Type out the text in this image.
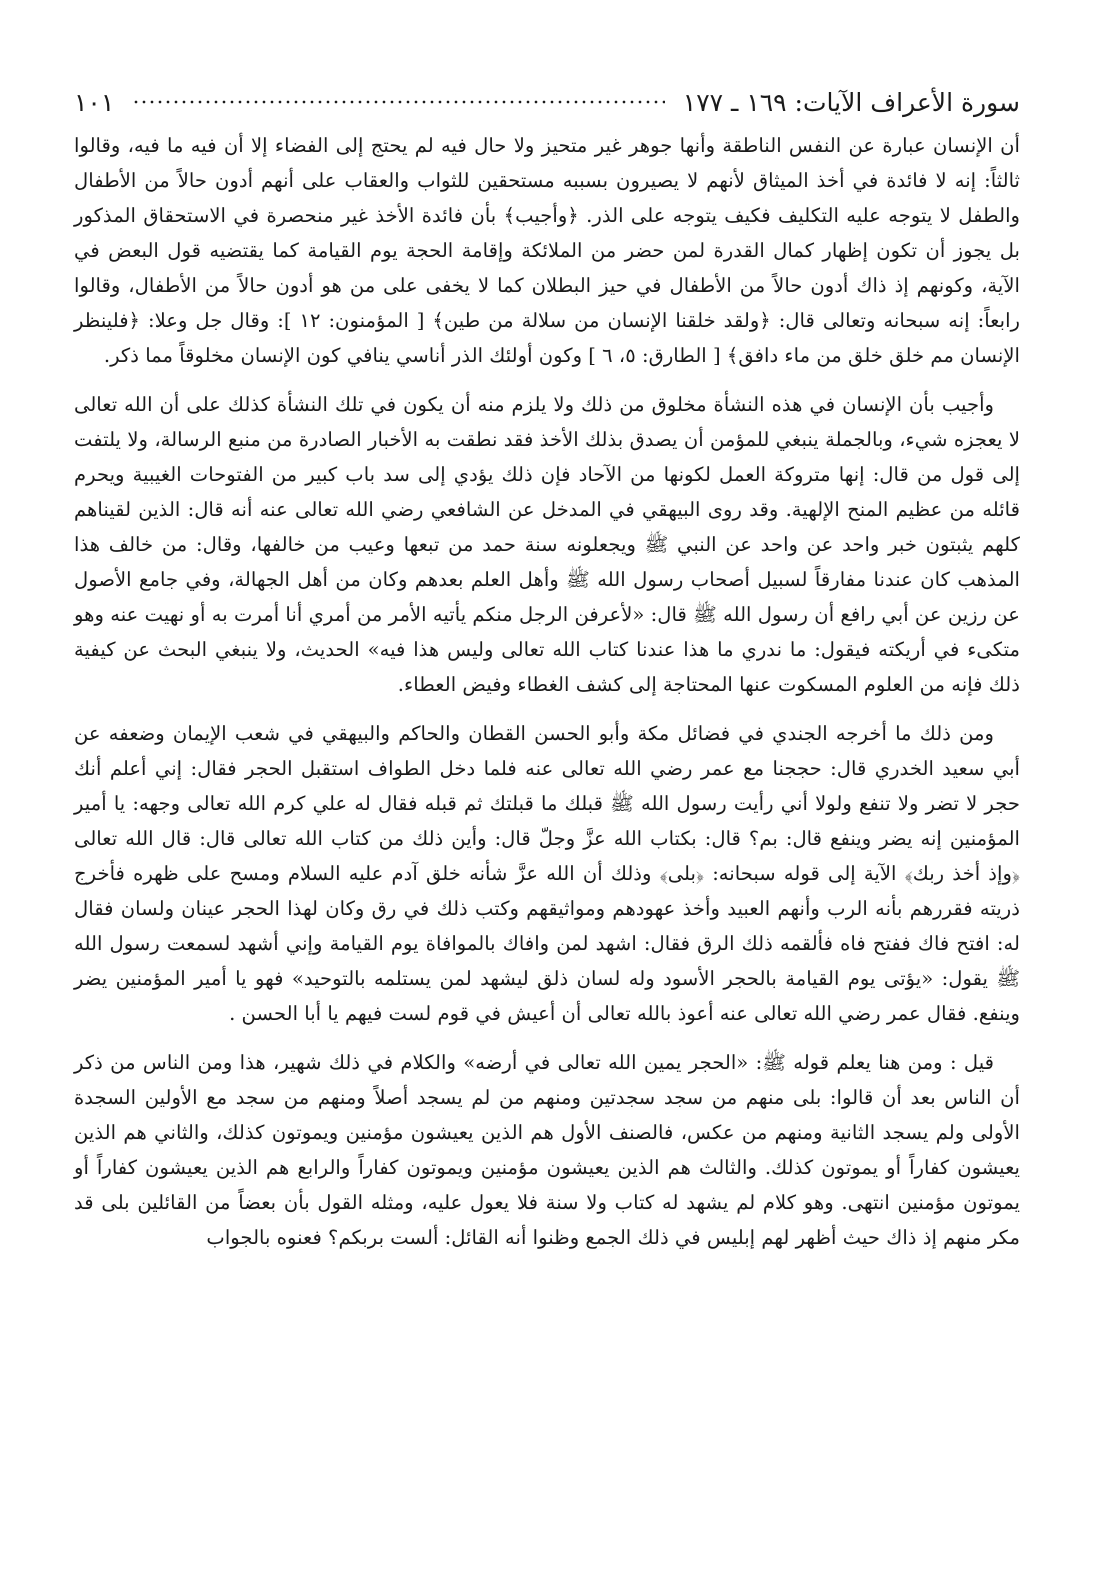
سورة الأعراف الآيات: ١٦٩ ـ ١٧٧
١٠١

أن الإنسان عبارة عن النفس الناطقة وأنها جوهر غير متحيز ولا حال فيه لم يحتج إلى الفضاء إلا أن فيه ما فيه، وقالوا ثالثاً: إنه لا فائدة في أخذ الميثاق لأنهم لا يصيرون بسببه مستحقين للثواب والعقاب على أنهم أدون حالاً من الأطفال والطفل لا يتوجه عليه التكليف فكيف يتوجه على الذر. ﴿وأجيب﴾ بأن فائدة الأخذ غير منحصرة في الاستحقاق المذكور بل يجوز أن تكون إظهار كمال القدرة لمن حضر من الملائكة وإقامة الحجة يوم القيامة كما يقتضيه قول البعض في الآية، وكونهم إذ ذاك أدون حالاً من الأطفال في حيز البطلان كما لا يخفى على من هو أدون حالاً من الأطفال، وقالوا رابعاً: إنه سبحانه وتعالى قال: ﴿ولقد خلقنا الإنسان من سلالة من طين﴾ [ المؤمنون: ١٢ ]: وقال جل وعلا: ﴿فلينظر الإنسان مم خلق خلق من ماء دافق﴾ [ الطارق: ٥، ٦ ] وكون أولئك الذر أناسي ينافي كون الإنسان مخلوقاً مما ذكر.

وأجيب بأن الإنسان في هذه النشأة مخلوق من ذلك ولا يلزم منه أن يكون في تلك النشأة كذلك على أن الله تعالى لا يعجزه شيء، وبالجملة ينبغي للمؤمن أن يصدق بذلك الأخذ فقد نطقت به الأخبار الصادرة من منبع الرسالة، ولا يلتفت إلى قول من قال: إنها متروكة العمل لكونها من الآحاد فإن ذلك يؤدي إلى سد باب كبير من الفتوحات الغيبية ويحرم قائله من عظيم المنح الإلهية. وقد روى البيهقي في المدخل عن الشافعي رضي الله تعالى عنه أنه قال: الذين لقيناهم كلهم يثبتون خبر واحد عن واحد عن النبي ﷺ ويجعلونه سنة حمد من تبعها وعيب من خالفها، وقال: من خالف هذا المذهب كان عندنا مفارقاً لسبيل أصحاب رسول الله ﷺ وأهل العلم بعدهم وكان من أهل الجهالة، وفي جامع الأصول عن رزين عن أبي رافع أن رسول الله ﷺ قال: «لأعرفن الرجل منكم يأتيه الأمر من أمري أنا أمرت به أو نهيت عنه وهو متكىء في أريكته فيقول: ما ندري ما هذا عندنا كتاب الله تعالى وليس هذا فيه» الحديث، ولا ينبغي البحث عن كيفية ذلك فإنه من العلوم المسكوت عنها المحتاجة إلى كشف الغطاء وفيض العطاء.

ومن ذلك ما أخرجه الجندي في فضائل مكة وأبو الحسن القطان والحاكم والبيهقي في شعب الإيمان وضعفه عن أبي سعيد الخدري قال: حججنا مع عمر رضي الله تعالى عنه فلما دخل الطواف استقبل الحجر فقال: إني أعلم أنك حجر لا تضر ولا تنفع ولولا أني رأيت رسول الله ﷺ قبلك ما قبلتك ثم قبله فقال له علي كرم الله تعالى وجهه: يا أمير المؤمنين إنه يضر وينفع قال: بم؟ قال: بكتاب الله عزَّ وجلّ قال: وأين ذلك من كتاب الله تعالى قال: قال الله تعالى ﴿وإذ أخذ ربك﴾ الآية إلى قوله سبحانه: ﴿بلى﴾ وذلك أن الله عزَّ شأنه خلق آدم عليه السلام ومسح على ظهره فأخرج ذريته فقررهم بأنه الرب وأنهم العبيد وأخذ عهودهم ومواثيقهم وكتب ذلك في رق وكان لهذا الحجر عينان ولسان فقال له: افتح فاك ففتح فاه فألقمه ذلك الرق فقال: اشهد لمن وافاك بالموافاة يوم القيامة وإني أشهد لسمعت رسول الله ﷺ يقول: «يؤتى يوم القيامة بالحجر الأسود وله لسان ذلق ليشهد لمن يستلمه بالتوحيد» فهو يا أمير المؤمنين يضر وينفع. فقال عمر رضي الله تعالى عنه أعوذ بالله تعالى أن أعيش في قوم لست فيهم يا أبا الحسن .

قيل : ومن هنا يعلم قوله ﷺ: «الحجر يمين الله تعالى في أرضه» والكلام في ذلك شهير، هذا ومن الناس من ذكر أن الناس بعد أن قالوا: بلى منهم من سجد سجدتين ومنهم من لم يسجد أصلاً ومنهم من سجد مع الأولين السجدة الأولى ولم يسجد الثانية ومنهم من عكس، فالصنف الأول هم الذين يعيشون مؤمنين ويموتون كذلك، والثاني هم الذين يعيشون كفاراً أو يموتون كذلك. والثالث هم الذين يعيشون مؤمنين ويموتون كفاراً والرابع هم الذين يعيشون كفاراً أو يموتون مؤمنين انتهى. وهو كلام لم يشهد له كتاب ولا سنة فلا يعول عليه، ومثله القول بأن بعضاً من القائلين بلى قد مكر منهم إذ ذاك حيث أظهر لهم إبليس في ذلك الجمع وظنوا أنه القائل: ألست بربكم؟ فعنوه بالجواب
